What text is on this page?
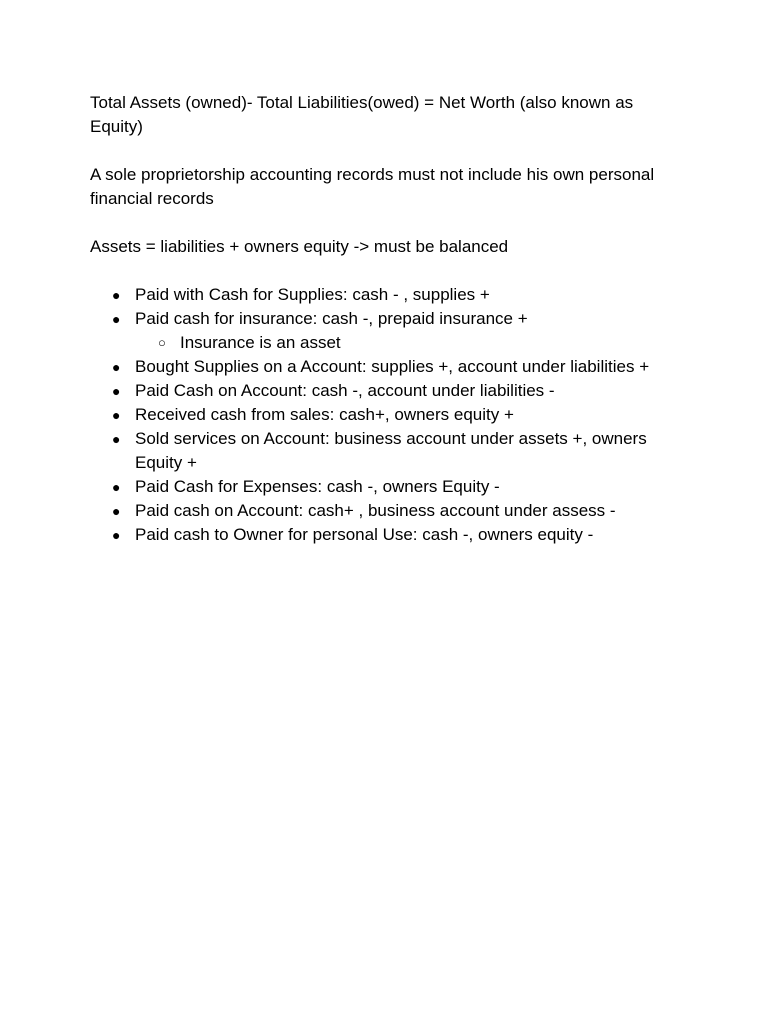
Total Assets (owned)- Total Liabilities(owed) = Net Worth (also known as Equity)

A sole proprietorship accounting records must not include his own personal financial records

Assets = liabilities + owners equity -> must be balanced

● Paid with Cash for Supplies: cash - , supplies +
● Paid cash for insurance: cash -, prepaid insurance +
○ Insurance is an asset
● Bought Supplies on a Account: supplies +, account under liabilities +
● Paid Cash on Account: cash -, account under liabilities -
● Received cash from sales: cash+, owners equity +
● Sold services on Account: business account under assets +, owners Equity +
● Paid Cash for Expenses: cash -, owners Equity -
● Paid cash on Account: cash+ , business account under assess -
● Paid cash to Owner for personal Use: cash -, owners equity -
